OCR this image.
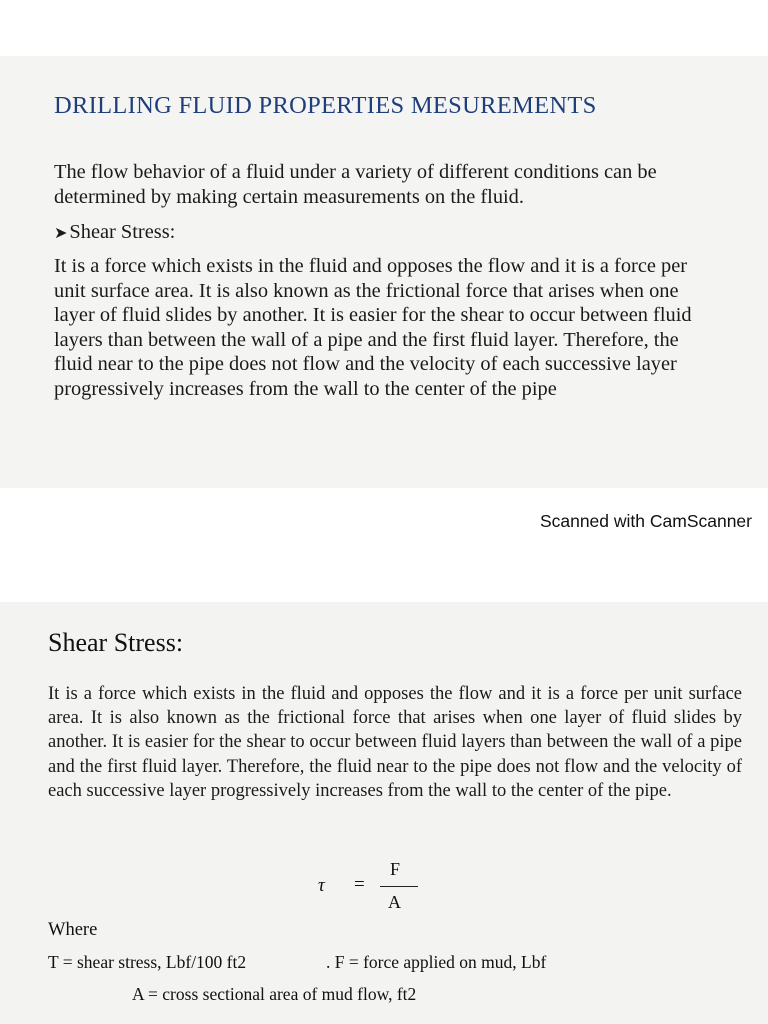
DRILLING FLUID PROPERTIES MESUREMENTS

The flow behavior of a fluid under a variety of different conditions can be determined by making certain measurements on the fluid.

➤Shear Stress:

It is a force which exists in the fluid and opposes the flow and it is a force per unit surface area. It is also known as the frictional force that arises when one layer of fluid slides by another. It is easier for the shear to occur between fluid layers than between the wall of a pipe and the first fluid layer. Therefore, the fluid near to the pipe does not flow and the velocity of each successive layer progressively increases from the wall to the center of the pipe

Scanned with CamScanner
Shear Stress:

It is a force which exists in the fluid and opposes the flow and it is a force per unit surface area. It is also known as the frictional force that arises when one layer of fluid slides by another. It is easier for the shear to occur between fluid layers than between the wall of a pipe and the first fluid layer. Therefore, the fluid near to the pipe does not flow and the velocity of each successive layer progressively increases from the wall to the center of the pipe.

τ =
F
A

Where

T = shear stress, Lbf/100 ft2	. F = force applied on mud, Lbf

A = cross sectional area of mud flow, ft2
